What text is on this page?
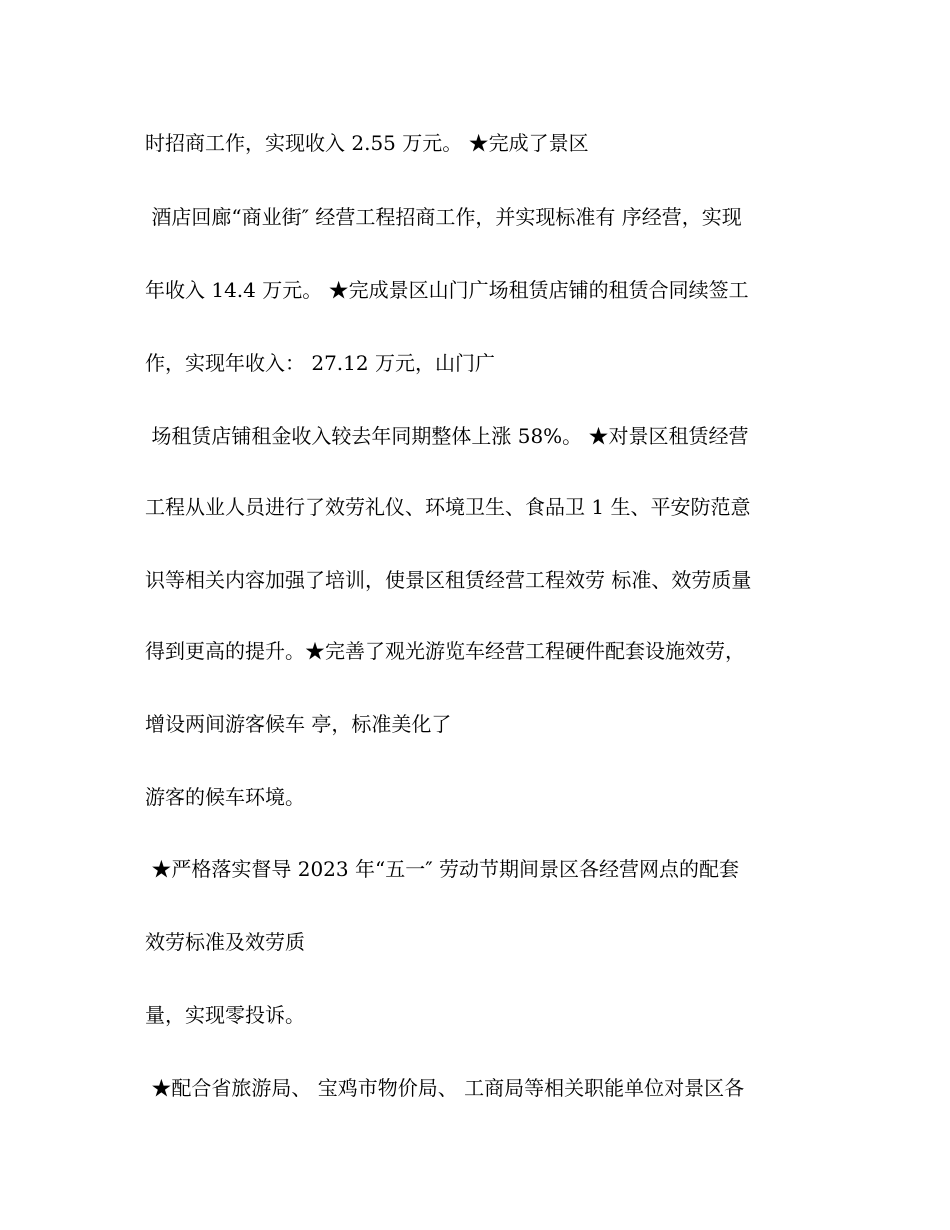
时招商工作，实现收入 2.55 万元。 ★完成了景区
酒店回廊“商业街″ 经营工程招商工作，并实现标准有 序经营，实现
年收入 14.4 万元。 ★完成景区山门广场租赁店铺的租赁合同续签工
作，实现年收入： 27.12 万元，山门广
场租赁店铺租金收入较去年同期整体上涨 58%。 ★对景区租赁经营
工程从业人员进行了效劳礼仪、环境卫生、食品卫 1 生、平安防范意
识等相关内容加强了培训，使景区租赁经营工程效劳 标准、效劳质量
得到更高的提升。★完善了观光游览车经营工程硬件配套设施效劳，
增设两间游客候车 亭，标准美化了
游客的候车环境。
★严格落实督导 2023 年“五一″ 劳动节期间景区各经营网点的配套
效劳标准及效劳质
量，实现零投诉。
★配合省旅游局、 宝鸡市物价局、 工商局等相关职能单位对景区各
